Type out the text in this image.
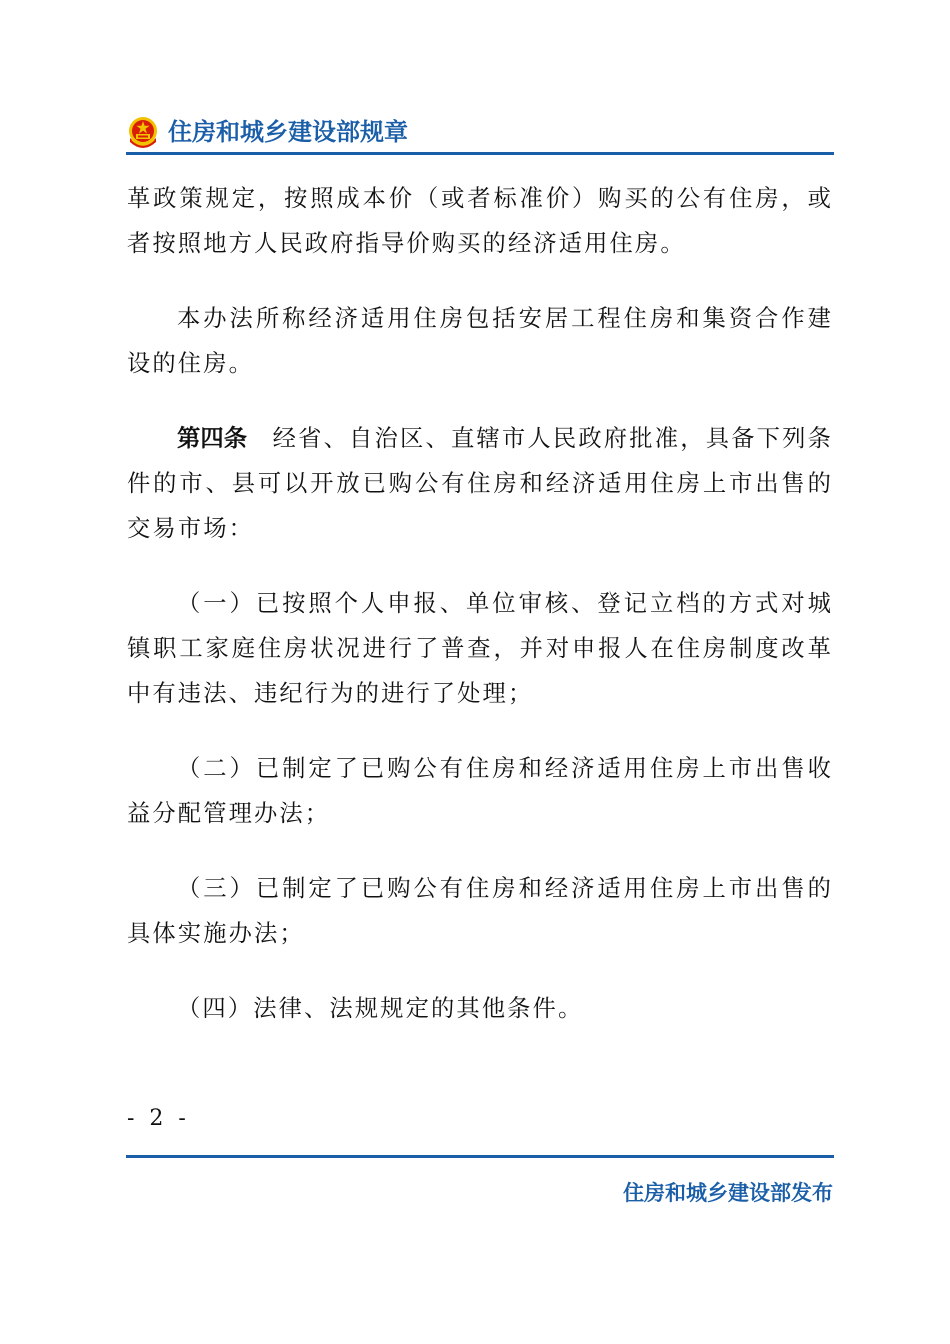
住房和城乡建设部规章

革政策规定，按照成本价（或者标准价）购买的公有住房，或者按照地方人民政府指导价购买的经济适用住房。

本办法所称经济适用住房包括安居工程住房和集资合作建设的住房。

第四条　 经省、自治区、直辖市人民政府批准，具备下列条件的市、县可以开放已购公有住房和经济适用住房上市出售的交易市场：

（一）已按照个人申报、单位审核、登记立档的方式对城镇职工家庭住房状况进行了普查，并对申报人在住房制度改革中有违法、违纪行为的进行了处理；

（二）已制定了已购公有住房和经济适用住房上市出售收益分配管理办法；

（三）已制定了已购公有住房和经济适用住房上市出售的具体实施办法；

（四）法律、法规规定的其他条件。

- 2 -
住房和城乡建设部发布
